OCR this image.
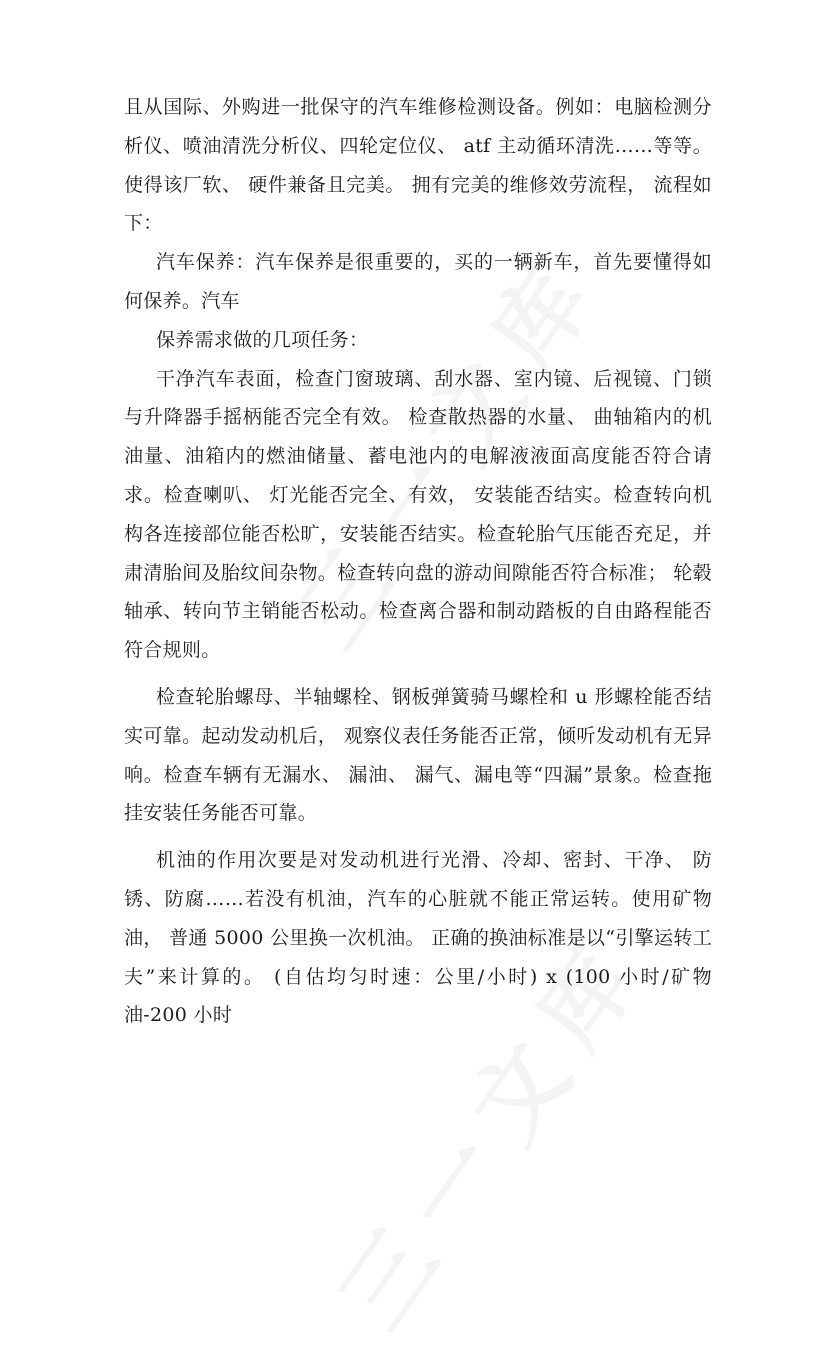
且从国际、外购进一批保守的汽车维修检测设备。例如：电脑检测分析仪、喷油清洗分析仪、四轮定位仪、 atf 主动循环清洗……等等。使得该厂软、 硬件兼备且完美。 拥有完美的维修效劳流程， 流程如下：

汽车保养：汽车保养是很重要的，买的一辆新车，首先要懂得如何保养。汽车

保养需求做的几项任务：

干净汽车表面，检查门窗玻璃、刮水器、室内镜、后视镜、门锁与升降器手摇柄能否完全有效。 检查散热器的水量、 曲轴箱内的机油量、油箱内的燃油储量、蓄电池内的电解液液面高度能否符合请求。检查喇叭、 灯光能否完全、有效， 安装能否结实。检查转向机构各连接部位能否松旷，安装能否结实。检查轮胎气压能否充足，并肃清胎间及胎纹间杂物。检查转向盘的游动间隙能否符合标准； 轮毂轴承、转向节主销能否松动。检查离合器和制动踏板的自由路程能否符合规则。

检查轮胎螺母、半轴螺栓、钢板弹簧骑马螺栓和 u 形螺栓能否结实可靠。起动发动机后， 观察仪表任务能否正常，倾听发动机有无异响。检查车辆有无漏水、 漏油、 漏气、漏电等“四漏”景象。检查拖挂安装任务能否可靠。

机油的作用次要是对发动机进行光滑、冷却、密封、干净、 防锈、防腐……若没有机油，汽车的心脏就不能正常运转。使用矿物油， 普通 5000 公里换一次机油。 正确的换油标准是以“引擎运转工夫”来计算的。 (自估均匀时速：公里/小时) x (100 小时/矿物油-200 小时
